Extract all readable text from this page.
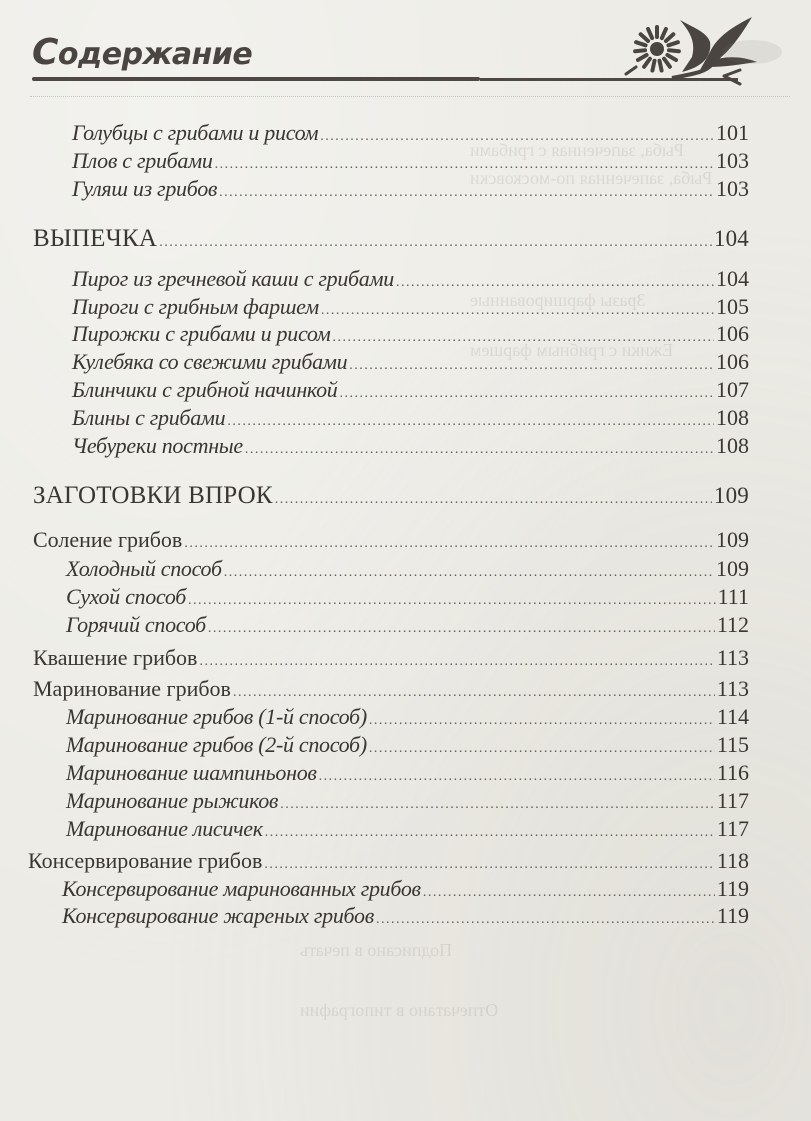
Рыба, запеченная с грибами
Рыба, запеченная по-московски
Зразы фаршированные
Ежики с грибным фаршем
Подписано в печать
Отпечатано в типографии
Содержание
Голубцы с грибами и рисом .....	101
Плов с грибами .....	103
Гуляш из грибов .....	103
ВЫПЕЧКА .....	104
Пирог из гречневой каши с грибами .....	104
Пироги с грибным фаршем .....	105
Пирожки с грибами и рисом .....	106
Кулебяка со свежими грибами .....	106
Блинчики с грибной начинкой .....	107
Блины с грибами .....	108
Чебуреки постные .....	108
ЗАГОТОВКИ ВПРОК .....	109
Соление грибов .....	109
Холодный способ .....	109
Сухой способ .....	111
Горячий способ .....	112
Квашение грибов .....	113
Маринование грибов .....	113
Маринование грибов (1-й способ) .....	114
Маринование грибов (2-й способ) .....	115
Маринование шампиньонов .....	116
Маринование рыжиков .....	117
Маринование лисичек .....	117
Консервирование грибов .....	118
Консервирование маринованных грибов .....	119
Консервирование жареных грибов .....	119
